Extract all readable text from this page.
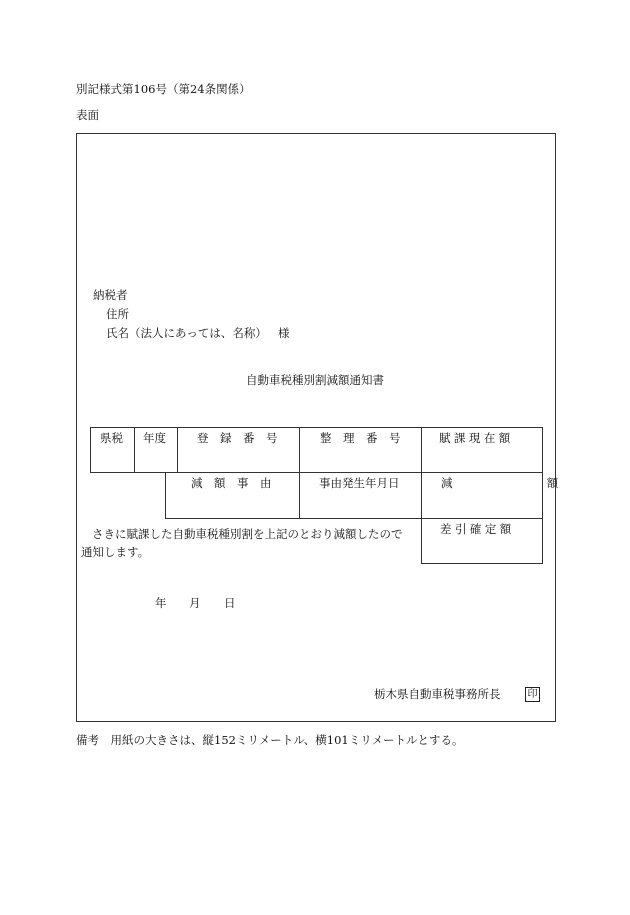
別記様式第106号（第24条関係）
表面
納税者
住所
氏名（法人にあっては、名称） 様
自動車税種別割減額通知書
県税 年度	登　録　番　号	整　理　番　号	賦課現在額
減　額　事　由	事由発生年月日	減　額
差引確定額
さきに賦課した自動車税種別割を上記のとおり減額したので
通知します。
年 月 日
栃木県自動車税事務所長	印
備考　用紙の大きさは、縦152ミリメートル、横101ミリメートルとする。
